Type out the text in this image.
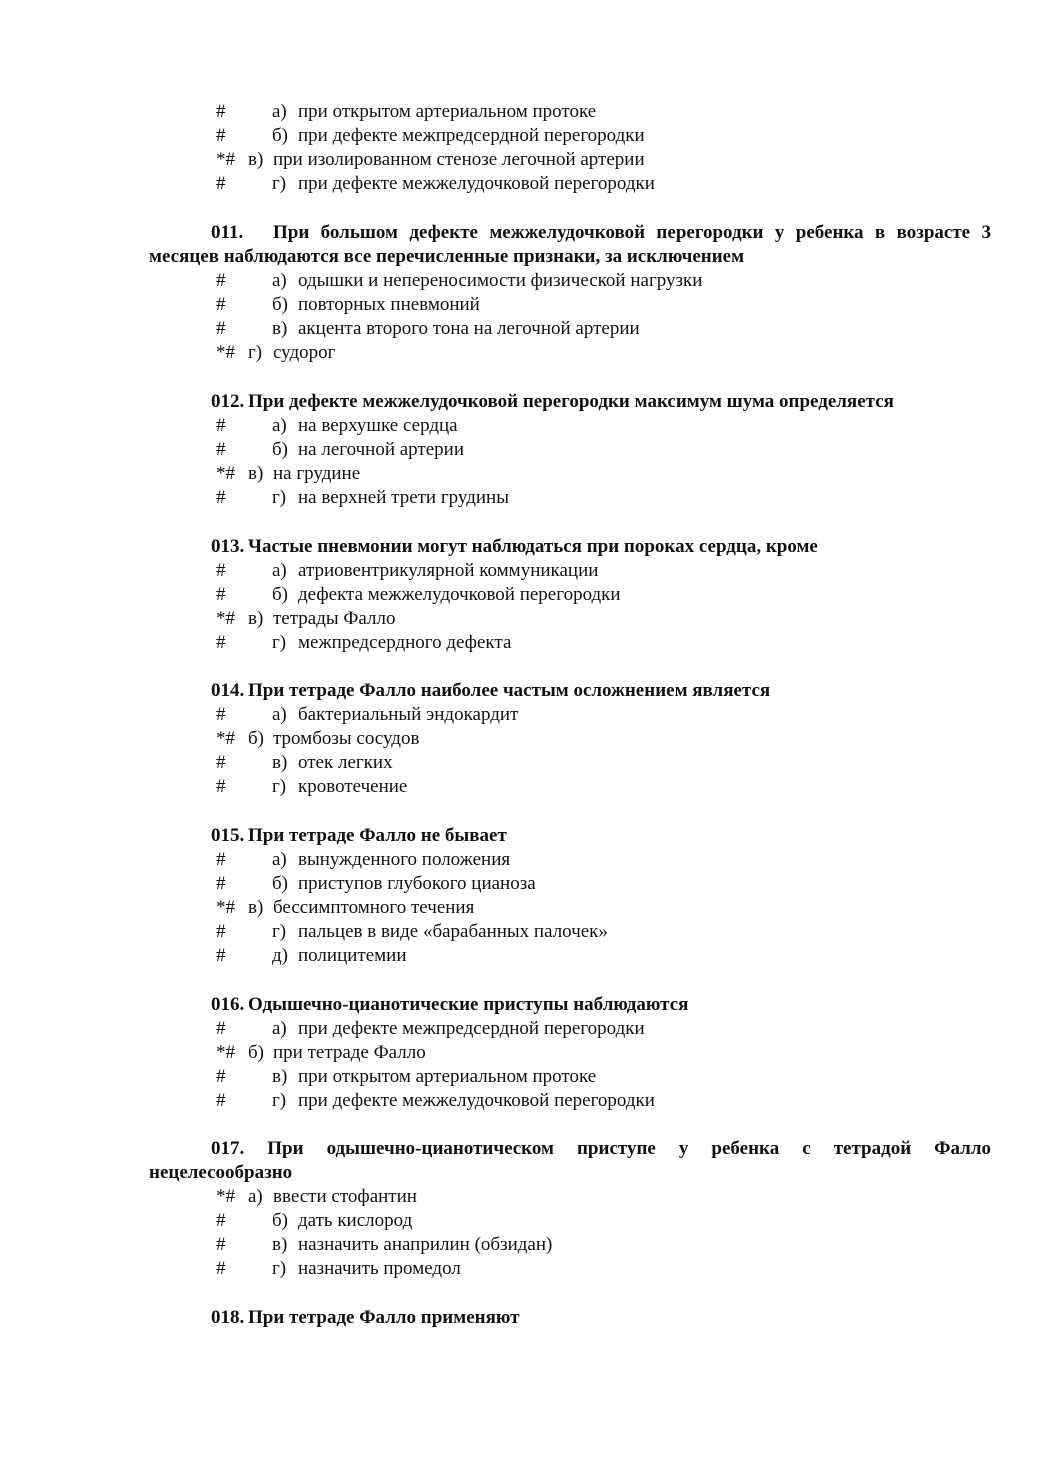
# а) при открытом артериальном протоке
# б) при дефекте межпредсердной перегородки
*# в) при изолированном стенозе легочной артерии
# г) при дефекте межжелудочковой перегородки
011. При большом дефекте межжелудочковой перегородки у ребенка в возрасте 3 месяцев наблюдаются все перечисленные признаки, за исключением
# а) одышки и непереносимости физической нагрузки
# б) повторных пневмоний
# в) акцента второго тона на легочной артерии
*# г) судорог
012. При дефекте межжелудочковой перегородки максимум шума определяется
# а) на верхушке сердца
# б) на легочной артерии
*# в) на грудине
# г) на верхней трети грудины
013. Частые пневмонии могут наблюдаться при пороках сердца, кроме
# а) атриовентрикулярной коммуникации
# б) дефекта межжелудочковой перегородки
*# в) тетрады Фалло
# г) межпредсердного дефекта
014. При тетраде Фалло наиболее частым осложнением является
# а) бактериальный эндокардит
*# б) тромбозы сосудов
# в) отек легких
# г) кровотечение
015. При тетраде Фалло не бывает
# а) вынужденного положения
# б) приступов глубокого цианоза
*# в) бессимптомного течения
# г) пальцев в виде «барабанных палочек»
# д) полицитемии
016. Одышечно-цианотические приступы наблюдаются
# а) при дефекте межпредсердной перегородки
*# б) при тетраде Фалло
# в) при открытом артериальном протоке
# г) при дефекте межжелудочковой перегородки
017. При одышечно-цианотическом приступе у ребенка с тетрадой Фалло нецелесообразно
*# а) ввести стофантин
# б) дать кислород
# в) назначить анаприлин (обзидан)
# г) назначить промедол
018. При тетраде Фалло применяют
